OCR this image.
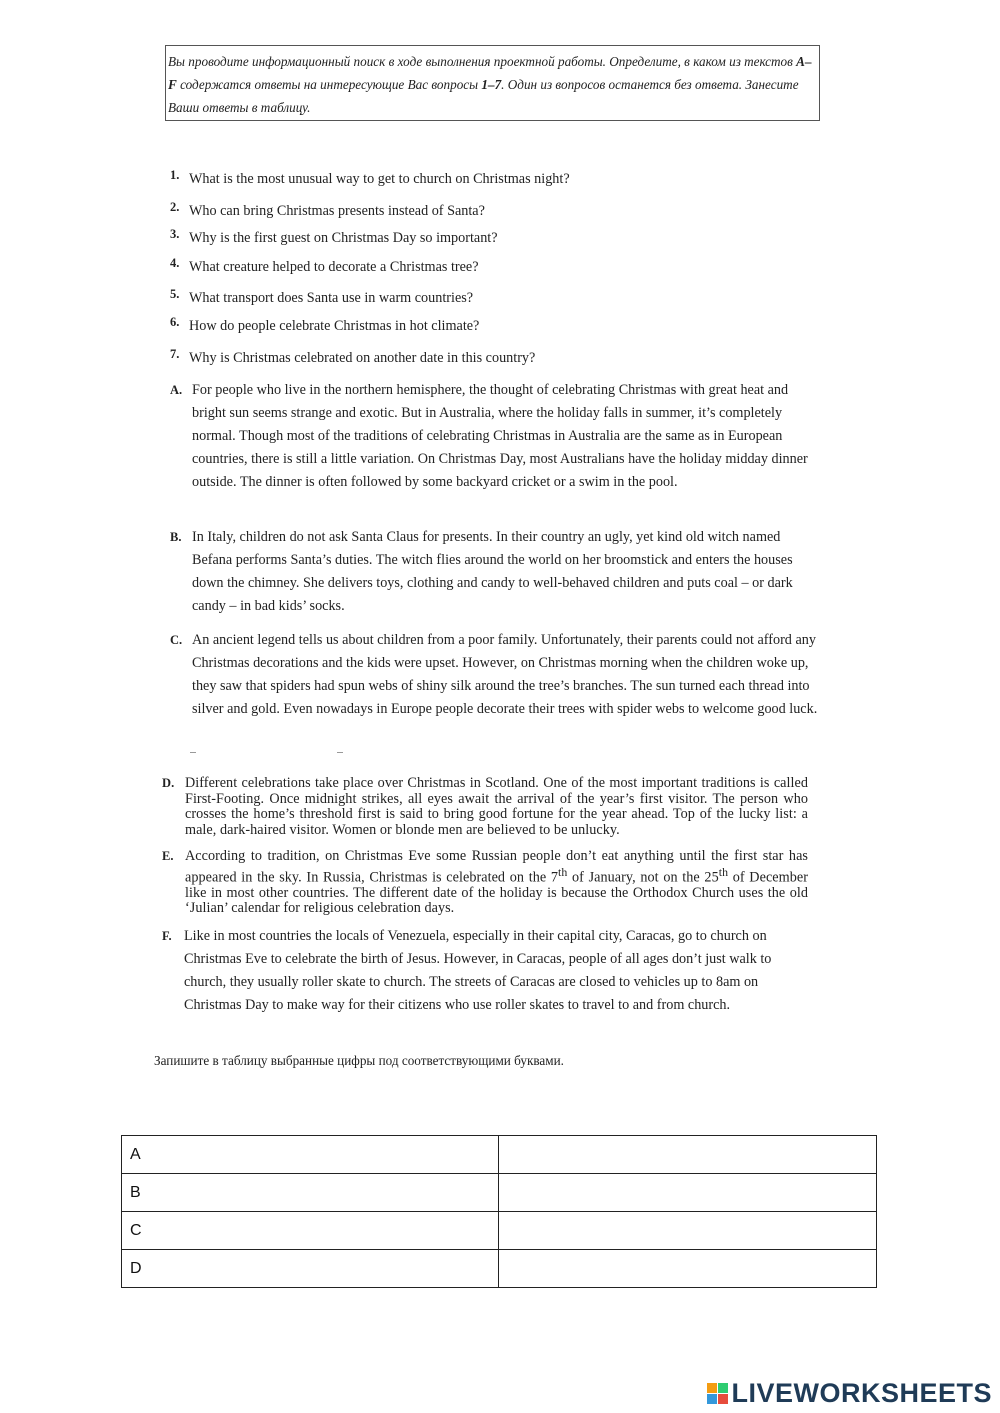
Вы проводите информационный поиск в ходе выполнения проектной работы. Определите, в каком из текстов A–F содержатся ответы на интересующие Вас вопросы 1–7. Один из вопросов останется без ответа. Занесите Ваши ответы в таблицу.
1. What is the most unusual way to get to church on Christmas night?
2. Who can bring Christmas presents instead of Santa?
3. Why is the first guest on Christmas Day so important?
4. What creature helped to decorate a Christmas tree?
5. What transport does Santa use in warm countries?
6. How do people celebrate Christmas in hot climate?
7. Why is Christmas celebrated on another date in this country?
A. For people who live in the northern hemisphere, the thought of celebrating Christmas with great heat and bright sun seems strange and exotic. But in Australia, where the holiday falls in summer, it’s completely normal. Though most of the traditions of celebrating Christmas in Australia are the same as in European countries, there is still a little variation. On Christmas Day, most Australians have the holiday midday dinner outside. The dinner is often followed by some backyard cricket or a swim in the pool.
B. In Italy, children do not ask Santa Claus for presents. In their country an ugly, yet kind old witch named Befana performs Santa’s duties. The witch flies around the world on her broomstick and enters the houses down the chimney. She delivers toys, clothing and candy to well-behaved children and puts coal – or dark candy – in bad kids’ socks.
C. An ancient legend tells us about children from a poor family. Unfortunately, their parents could not afford any Christmas decorations and the kids were upset. However, on Christmas morning when the children woke up, they saw that spiders had spun webs of shiny silk around the tree’s branches. The sun turned each thread into silver and gold. Even nowadays in Europe people decorate their trees with spider webs to welcome good luck.
D. Different celebrations take place over Christmas in Scotland. One of the most important traditions is called First-Footing. Once midnight strikes, all eyes await the arrival of the year’s first visitor. The person who crosses the home’s threshold first is said to bring good fortune for the year ahead. Top of the lucky list: a male, dark-haired visitor. Women or blonde men are believed to be unlucky.
E. According to tradition, on Christmas Eve some Russian people don’t eat anything until the first star has appeared in the sky. In Russia, Christmas is celebrated on the 7th of January, not on the 25th of December like in most other countries. The different date of the holiday is because the Orthodox Church uses the old ‘Julian’ calendar for religious celebration days.
F. Like in most countries the locals of Venezuela, especially in their capital city, Caracas, go to church on Christmas Eve to celebrate the birth of Jesus. However, in Caracas, people of all ages don’t just walk to church, they usually roller skate to church. The streets of Caracas are closed to vehicles up to 8am on Christmas Day to make way for their citizens who use roller skates to travel to and from church.
Запишите в таблицу выбранные цифры под соответствующими буквами.
A	
B	
C	
D	
LIVEWORKSHEETS
